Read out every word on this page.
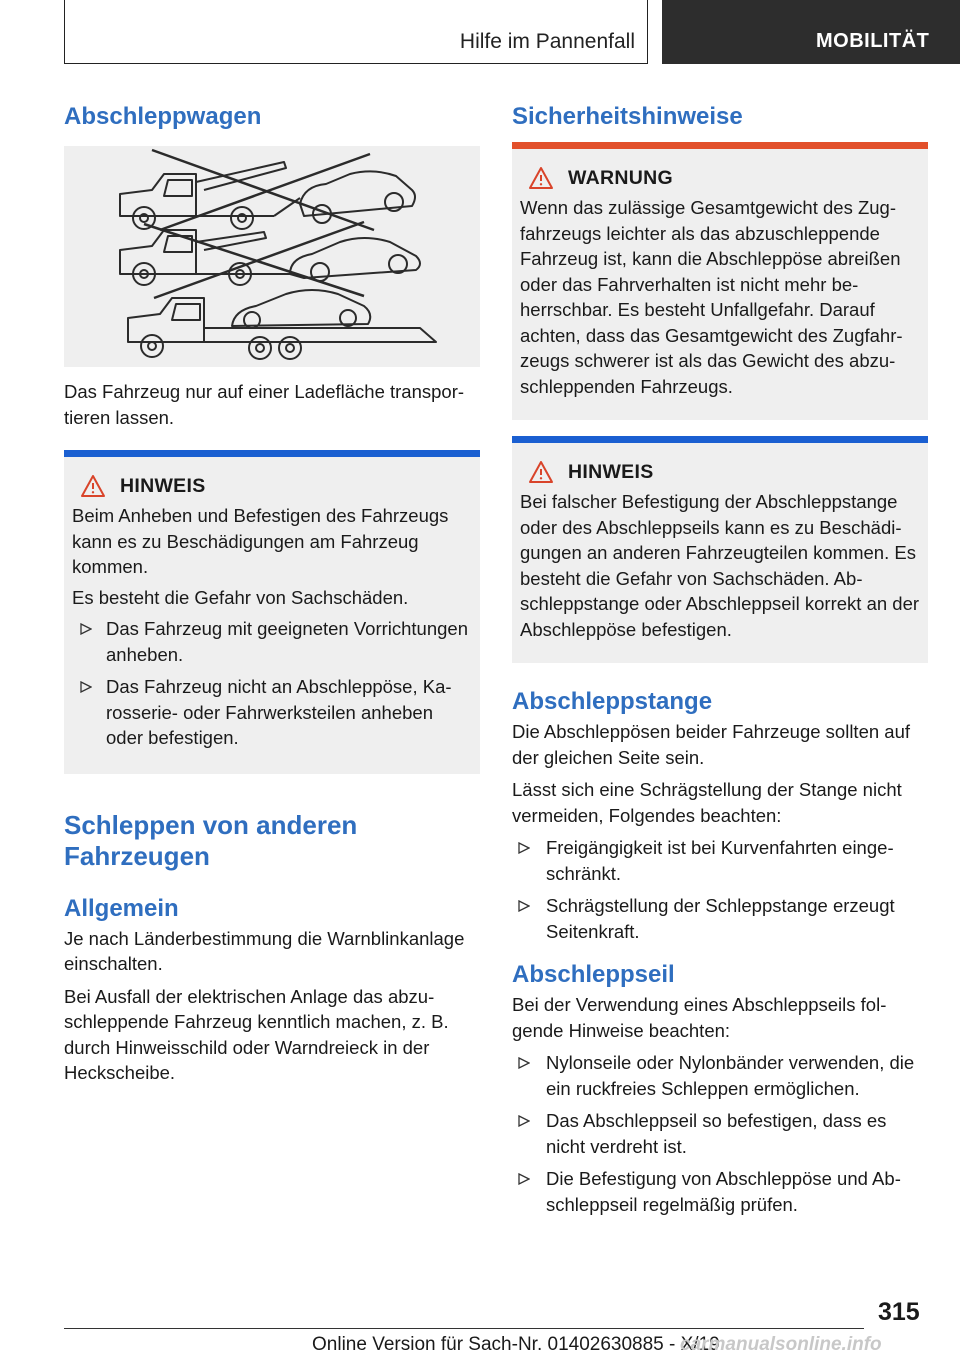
Hilfe im Pannenfall	MOBILITÄT
Abschleppwagen

Das Fahrzeug nur auf einer Ladefläche transportieren lassen.

HINWEIS

Beim Anheben und Befestigen des Fahrzeugs kann es zu Beschädigungen am Fahrzeug kommen.

Es besteht die Gefahr von Sachschäden.

Das Fahrzeug mit geeigneten Vorrichtungen anheben.
Das Fahrzeug nicht an Abschleppöse, Karosserie- oder Fahrwerksteilen anheben oder befestigen.
Schleppen von anderen Fahrzeugen
Allgemein

Je nach Länderbestimmung die Warnblinkanlage einschalten.

Bei Ausfall der elektrischen Anlage das abzuschleppende Fahrzeug kenntlich machen, z. B. durch Hinweisschild oder Warndreieck in der Heckscheibe.

Sicherheitshinweise
WARNUNG

Wenn das zulässige Gesamtgewicht des Zugfahrzeugs leichter als das abzuschleppende Fahrzeug ist, kann die Abschleppöse abreißen oder das Fahrverhalten ist nicht mehr beherrschbar. Es besteht Unfallgefahr. Darauf achten, dass das Gesamtgewicht des Zugfahrzeugs schwerer ist als das Gewicht des abzuschleppenden Fahrzeugs.

HINWEIS

Bei falscher Befestigung der Abschleppstange oder des Abschleppseils kann es zu Beschädigungen an anderen Fahrzeugteilen kommen. Es besteht die Gefahr von Sachschäden. Abschleppstange oder Abschleppseil korrekt an der Abschleppöse befestigen.

Abschleppstange

Die Abschleppösen beider Fahrzeuge sollten auf der gleichen Seite sein.

Lässt sich eine Schrägstellung der Stange nicht vermeiden, Folgendes beachten:

Freigängigkeit ist bei Kurvenfahrten eingeschränkt.
Schrägstellung der Schleppstange erzeugt Seitenkraft.
Abschleppseil

Bei der Verwendung eines Abschleppseils folgende Hinweise beachten:

Nylonseile oder Nylonbänder verwenden, die ein ruckfreies Schleppen ermöglichen.
Das Abschleppseil so befestigen, dass es nicht verdreht ist.
Die Befestigung von Abschleppöse und Abschleppseil regelmäßig prüfen.
315
Online Version für Sach-Nr. 01402630885 - X/19
carmanualsonline.info
